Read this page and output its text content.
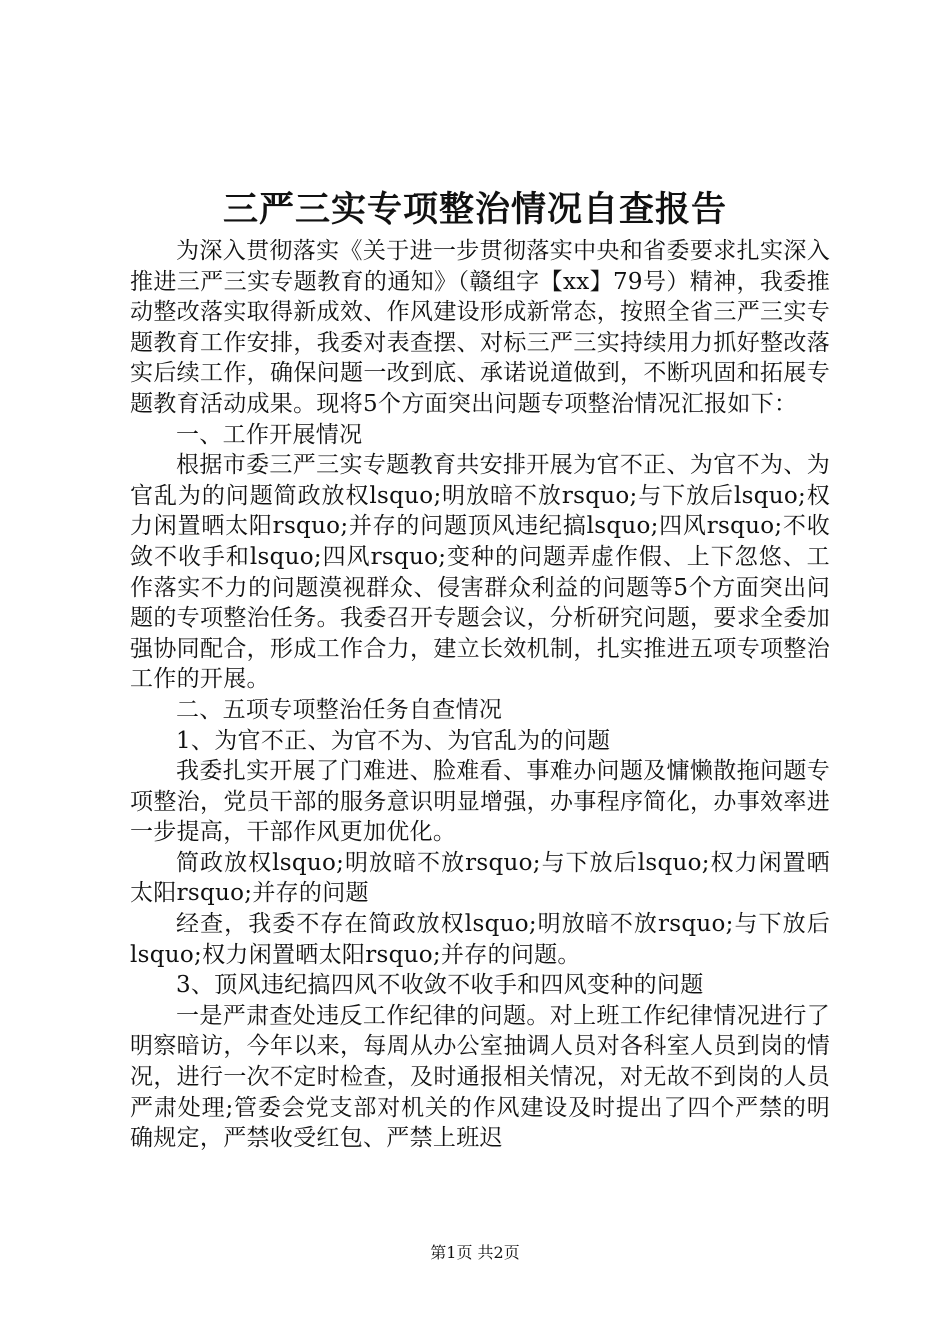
三严三实专项整治情况自查报告

为深入贯彻落实《关于进一步贯彻落实中央和省委要求扎实深入推进三严三实专题教育的通知》（赣组字【xx】79号）精神，我委推动整改落实取得新成效、作风建设形成新常态，按照全省三严三实专题教育工作安排，我委对表查摆、对标三严三实持续用力抓好整改落实后续工作，确保问题一改到底、承诺说道做到，不断巩固和拓展专题教育活动成果。现将5个方面突出问题专项整治情况汇报如下：

一、工作开展情况

根据市委三严三实专题教育共安排开展为官不正、为官不为、为官乱为的问题简政放权lsquo;明放暗不放rsquo;与下放后lsquo;权力闲置晒太阳rsquo;并存的问题顶风违纪搞lsquo;四风rsquo;不收敛不收手和lsquo;四风rsquo;变种的问题弄虚作假、上下忽悠、工作落实不力的问题漠视群众、侵害群众利益的问题等5个方面突出问题的专项整治任务。我委召开专题会议，分析研究问题，要求全委加强协同配合，形成工作合力，建立长效机制，扎实推进五项专项整治工作的开展。

二、五项专项整治任务自查情况

1、为官不正、为官不为、为官乱为的问题

我委扎实开展了门难进、脸难看、事难办问题及慵懒散拖问题专项整治，党员干部的服务意识明显增强，办事程序简化，办事效率进一步提高，干部作风更加优化。

简政放权lsquo;明放暗不放rsquo;与下放后lsquo;权力闲置晒太阳rsquo;并存的问题

经查，我委不存在简政放权lsquo;明放暗不放rsquo;与下放后lsquo;权力闲置晒太阳rsquo;并存的问题。

3、顶风违纪搞四风不收敛不收手和四风变种的问题

一是严肃查处违反工作纪律的问题。对上班工作纪律情况进行了明察暗访，今年以来，每周从办公室抽调人员对各科室人员到岗的情况，进行一次不定时检查，及时通报相关情况，对无故不到岗的人员严肃处理;管委会党支部对机关的作风建设及时提出了四个严禁的明确规定，严禁收受红包、严禁上班迟

第1页 共2页
